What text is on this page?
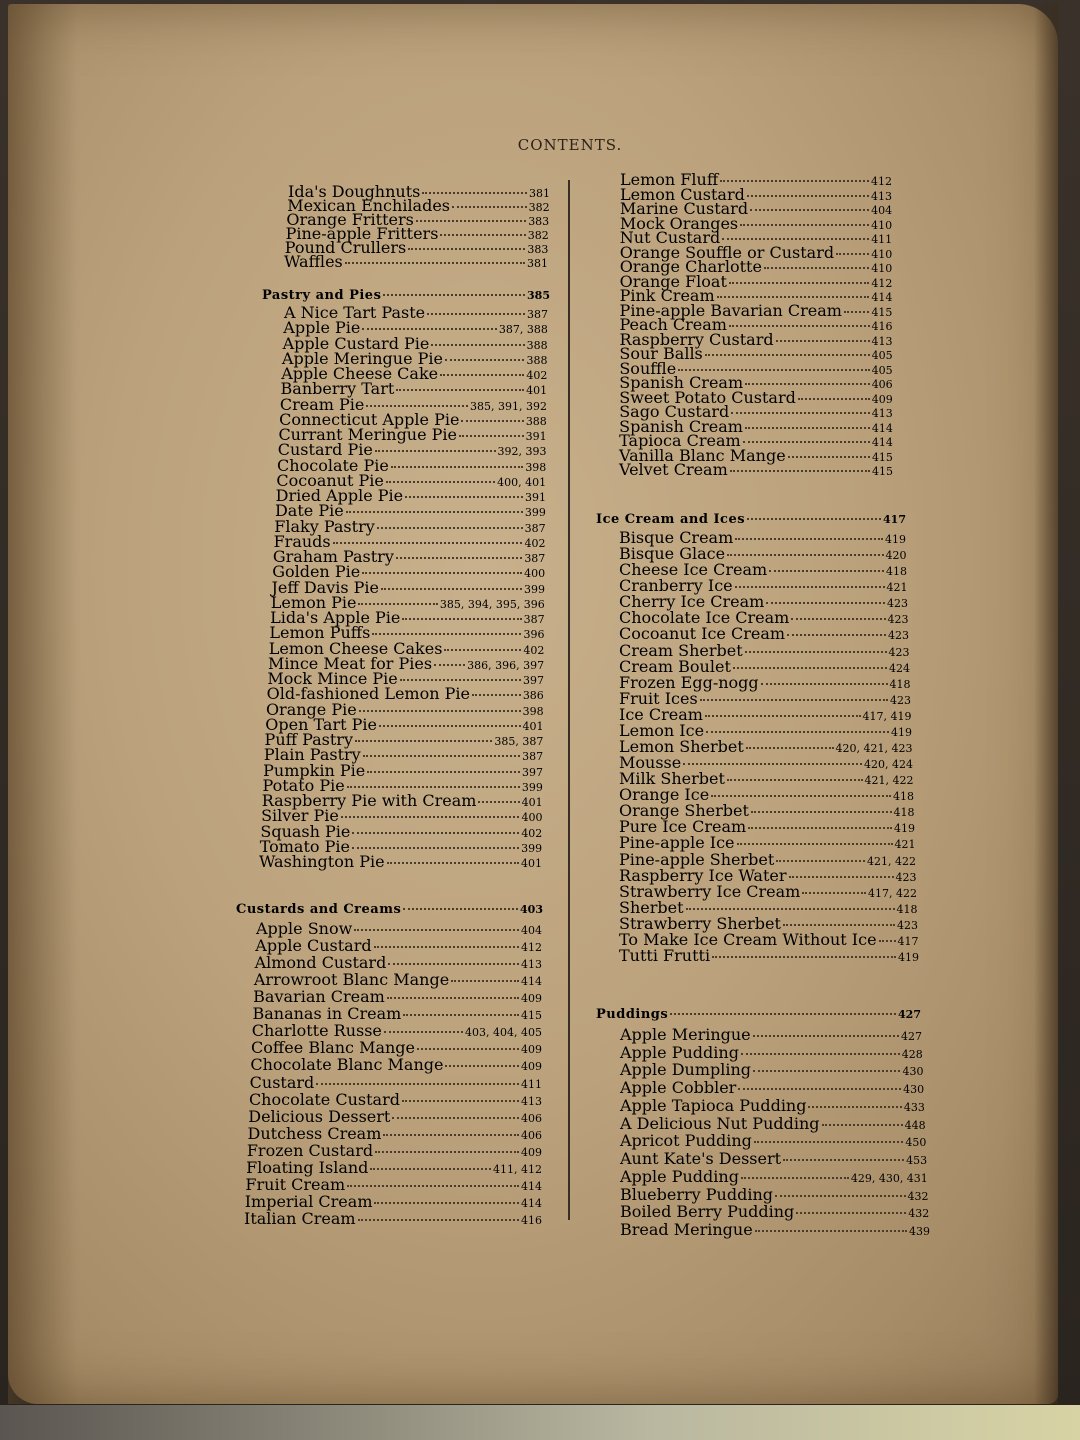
CONTENTS.
Ida's Doughnuts	381
Mexican Enchilades	382
Orange Fritters	383
Pine-apple Fritters	382
Pound Crullers	383
Waffles	381
Pastry and Pies	385
A Nice Tart Paste	387
Apple Pie	387, 388
Apple Custard Pie	388
Apple Meringue Pie	388
Apple Cheese Cake	402
Banberry Tart	401
Cream Pie	385, 391, 392
Connecticut Apple Pie	388
Currant Meringue Pie	391
Custard Pie	392, 393
Chocolate Pie	398
Cocoanut Pie	400, 401
Dried Apple Pie	391
Date Pie	399
Flaky Pastry	387
Frauds	402
Graham Pastry	387
Golden Pie	400
Jeff Davis Pie	399
Lemon Pie	385, 394, 395, 396
Lida's Apple Pie	387
Lemon Puffs	396
Lemon Cheese Cakes	402
Mince Meat for Pies	386, 396, 397
Mock Mince Pie	397
Old-fashioned Lemon Pie	386
Orange Pie	398
Open Tart Pie	401
Puff Pastry	385, 387
Plain Pastry	387
Pumpkin Pie	397
Potato Pie	399
Raspberry Pie with Cream	401
Silver Pie	400
Squash Pie	402
Tomato Pie	399
Washington Pie	401
Custards and Creams	403
Apple Snow	404
Apple Custard	412
Almond Custard	413
Arrowroot Blanc Mange	414
Bavarian Cream	409
Bananas in Cream	415
Charlotte Russe	403, 404, 405
Coffee Blanc Mange	409
Chocolate Blanc Mange	409
Custard	411
Chocolate Custard	413
Delicious Dessert	406
Dutchess Cream	406
Frozen Custard	409
Floating Island	411, 412
Fruit Cream	414
Imperial Cream	414
Italian Cream	416
Lemon Fluff	412
Lemon Custard	413
Marine Custard	404
Mock Oranges	410
Nut Custard	411
Orange Souffle or Custard	410
Orange Charlotte	410
Orange Float	412
Pink Cream	414
Pine-apple Bavarian Cream	415
Peach Cream	416
Raspberry Custard	413
Sour Balls	405
Souffle	405
Spanish Cream	406
Sweet Potato Custard	409
Sago Custard	413
Spanish Cream	414
Tapioca Cream	414
Vanilla Blanc Mange	415
Velvet Cream	415
Ice Cream and Ices	417
Bisque Cream	419
Bisque Glace	420
Cheese Ice Cream	418
Cranberry Ice	421
Cherry Ice Cream	423
Chocolate Ice Cream	423
Cocoanut Ice Cream	423
Cream Sherbet	423
Cream Boulet	424
Frozen Egg-nogg	418
Fruit Ices	423
Ice Cream	417, 419
Lemon Ice	419
Lemon Sherbet	420, 421, 423
Mousse	420, 424
Milk Sherbet	421, 422
Orange Ice	418
Orange Sherbet	418
Pure Ice Cream	419
Pine-apple Ice	421
Pine-apple Sherbet	421, 422
Raspberry Ice Water	423
Strawberry Ice Cream	417, 422
Sherbet	418
Strawberry Sherbet	423
To Make Ice Cream Without Ice 417
Tutti Frutti	419
Puddings	427
Apple Meringue	427
Apple Pudding	428
Apple Dumpling	430
Apple Cobbler	430
Apple Tapioca Pudding	433
A Delicious Nut Pudding	448
Apricot Pudding	450
Aunt Kate's Dessert	453
Apple Pudding	429, 430, 431
Blueberry Pudding	432
Boiled Berry Pudding	432
Bread Meringue	439
